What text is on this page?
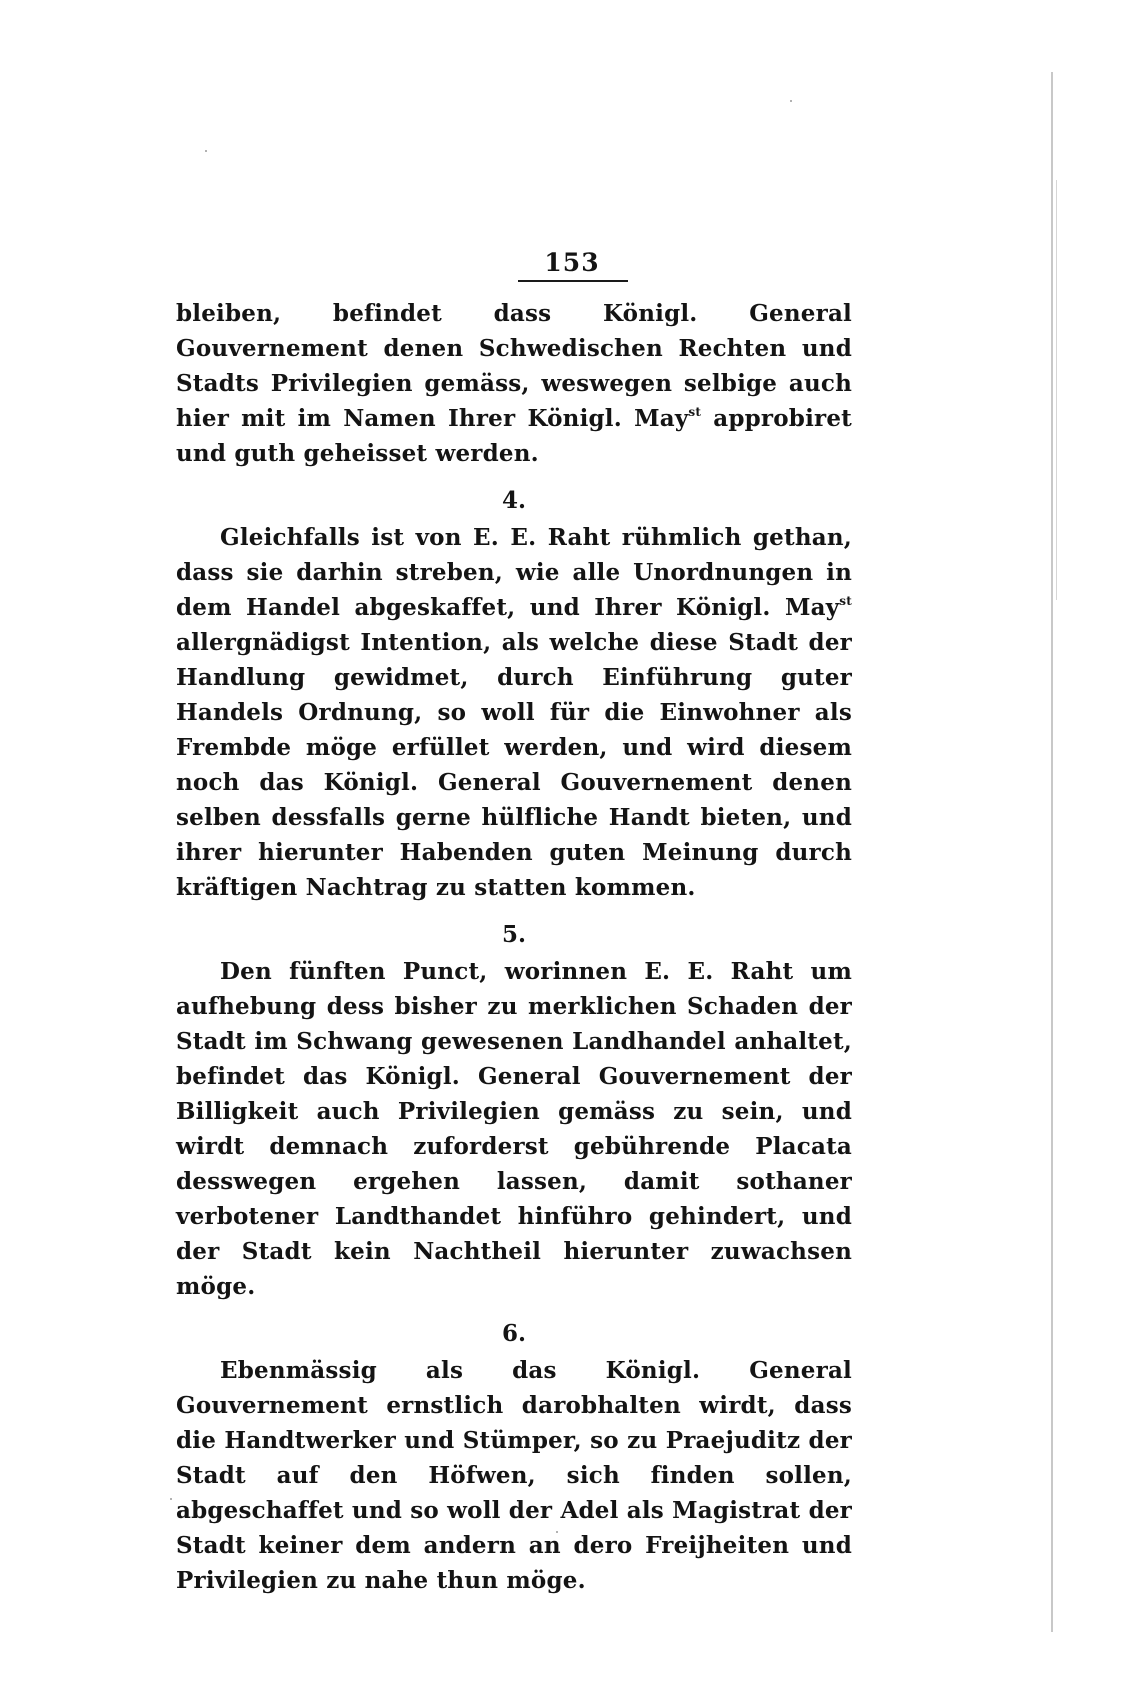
153

bleiben, befindet dass Königl. General Gouvernement denen Schwedischen Rechten und Stadts Privilegien gemäss, weswegen selbige auch hier mit im Namen Ihrer Königl. May$^{st}$ approbiret und guth geheisset werden.

4.

Gleichfalls ist von E. E. Raht rühmlich gethan, dass sie darhin streben, wie alle Unordnungen in dem Handel abgeskaffet, und Ihrer Königl. May$^{st}$ allergnädigst Intention, als welche diese Stadt der Handlung gewidmet, durch Einführung guter Handels Ordnung, so woll für die Einwohner als Frembde möge erfüllet werden, und wird diesem noch das Königl. General Gouvernement denen selben dessfalls gerne hülfliche Handt bieten, und ihrer hierunter Habenden guten Meinung durch kräftigen Nachtrag zu statten kommen.

5.

Den fünften Punct, worinnen E. E. Raht um aufhebung dess bisher zu merklichen Schaden der Stadt im Schwang gewesenen Landhandel anhaltet, befindet das Königl. General Gouvernement der Billigkeit auch Privilegien gemäss zu sein, und wirdt demnach zuforderst gebührende Placata desswegen ergehen lassen, damit sothaner verbotener Landthandet hinführo gehindert, und der Stadt kein Nachtheil hierunter zuwachsen möge.

6.

Ebenmässig als das Königl. General Gouvernement ernstlich darobhalten wirdt, dass die Handtwerker und Stümper, so zu Praejuditz der Stadt auf den Höfwen, sich finden sollen, abgeschaffet und so woll der Adel als Magistrat der Stadt keiner dem andern an dero Freijheiten und Privilegien zu nahe thun möge.
